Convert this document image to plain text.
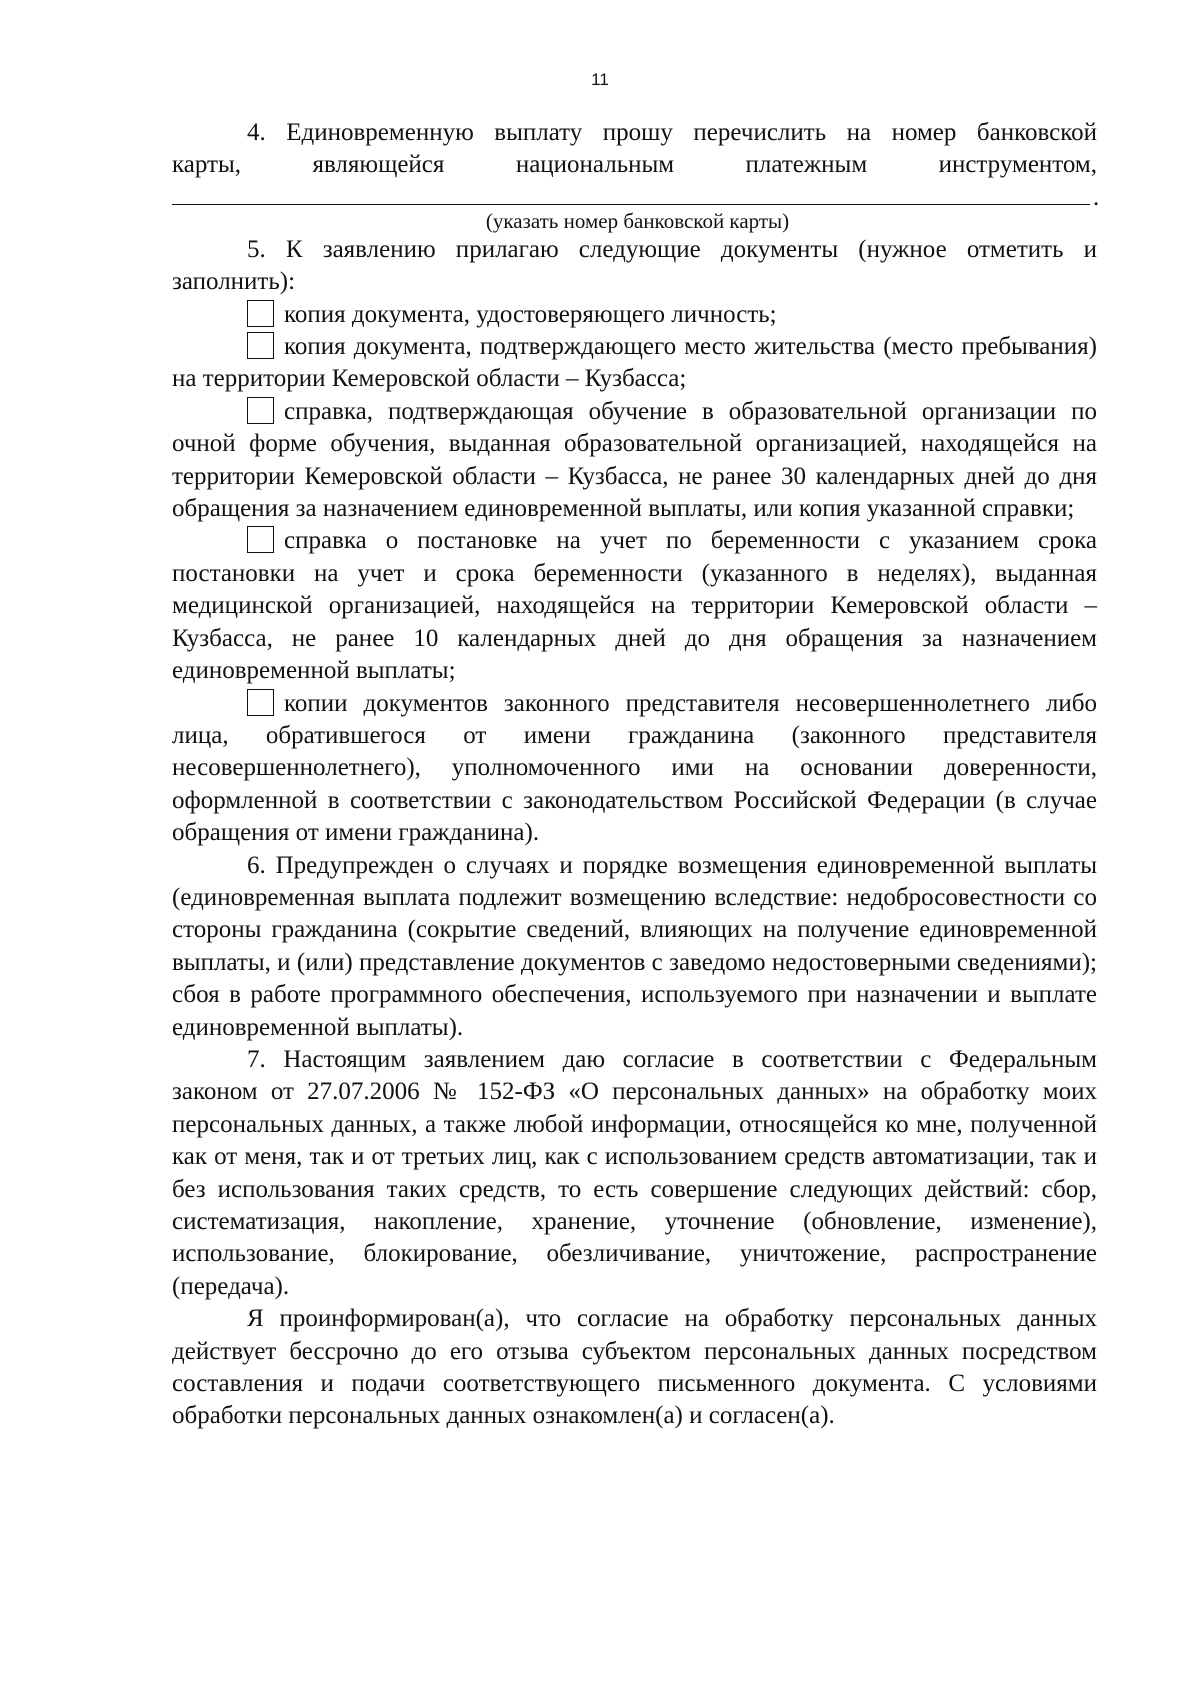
11

4. Единовременную выплату прошу перечислить на номер банковской

карты, являющейся национальным платежным инструментом,

.
(указать номер банковской карты)

5. К заявлению прилагаю следующие документы (нужное отметить и заполнить):

копия документа, удостоверяющего личность;

копия документа, подтверждающего место жительства (место пребывания) на территории Кемеровской области – Кузбасса;

справка, подтверждающая обучение в образовательной организации по очной форме обучения, выданная образовательной организацией, находящейся на территории Кемеровской области – Кузбасса, не ранее 30 календарных дней до дня обращения за назначением единовременной выплаты, или копия указанной справки;

справка о постановке на учет по беременности с указанием срока постановки на учет и срока беременности (указанного в неделях), выданная медицинской организацией, находящейся на территории Кемеровской области – Кузбасса, не ранее 10 календарных дней до дня обращения за назначением единовременной выплаты;

копии документов законного представителя несовершеннолетнего либо лица, обратившегося от имени гражданина (законного представителя несовершеннолетнего), уполномоченного ими на основании доверенности, оформленной в соответствии с законодательством Российской Федерации (в случае обращения от имени гражданина).

6. Предупрежден о случаях и порядке возмещения единовременной выплаты (единовременная выплата подлежит возмещению вследствие: недобросовестности со стороны гражданина (сокрытие сведений, влияющих на получение единовременной выплаты, и (или) представление документов с заведомо недостоверными сведениями); сбоя в работе программного обеспечения, используемого при назначении и выплате единовременной выплаты).

7. Настоящим заявлением даю согласие в соответствии с Федеральным законом от 27.07.2006 № 152-ФЗ «О персональных данных» на обработку моих персональных данных, а также любой информации, относящейся ко мне, полученной как от меня, так и от третьих лиц, как с использованием средств автоматизации, так и без использования таких средств, то есть совершение следующих действий: сбор, систематизация, накопление, хранение, уточнение (обновление, изменение), использование, блокирование, обезличивание, уничтожение, распространение (передача).

Я проинформирован(а), что согласие на обработку персональных данных действует бессрочно до его отзыва субъектом персональных данных посредством составления и подачи соответствующего письменного документа. С условиями обработки персональных данных ознакомлен(а) и согласен(а).
